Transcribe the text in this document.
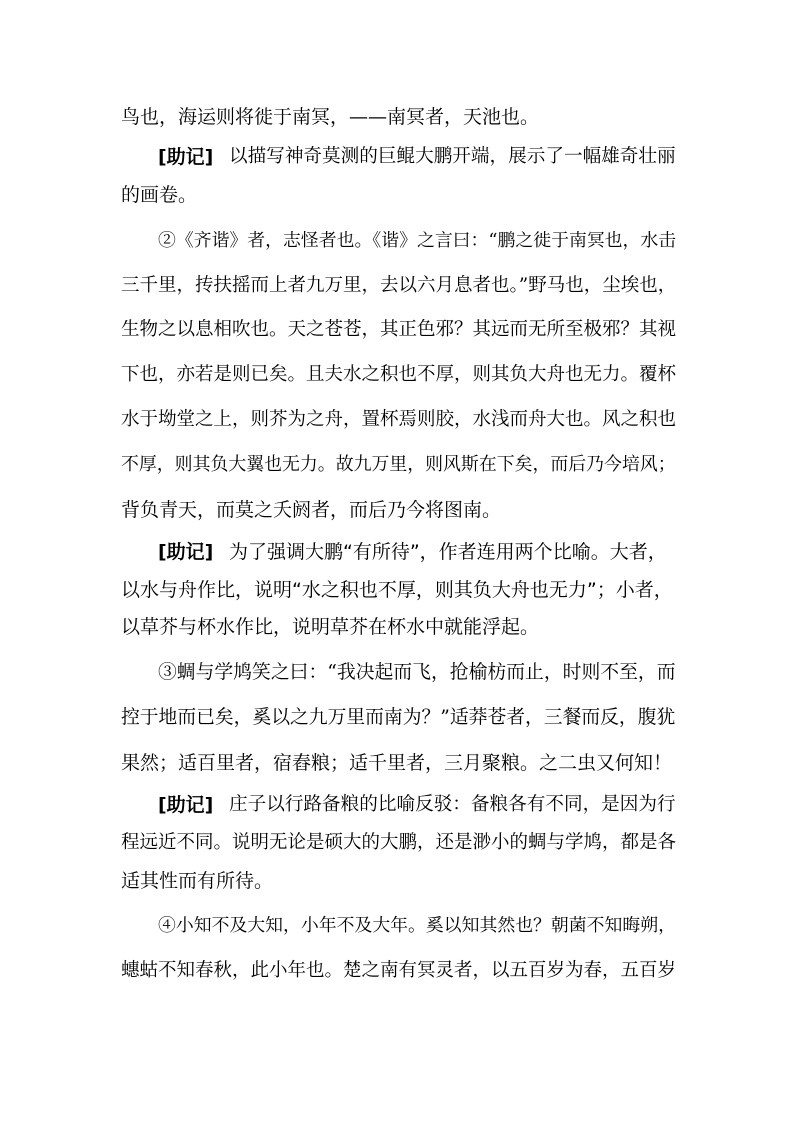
鸟也，海运则将徙于南冥，——南冥者，天池也。
[助记] 以描写神奇莫测的巨鲲大鹏开端，展示了一幅雄奇壮丽
的画卷。
②《齐谐》者，志怪者也。《谐》之言曰：“鹏之徙于南冥也，水击
三千里，抟扶摇而上者九万里，去以六月息者也。”野马也，尘埃也，
生物之以息相吹也。天之苍苍，其正色邪？其远而无所至极邪？其视
下也，亦若是则已矣。且夫水之积也不厚，则其负大舟也无力。覆杯
水于坳堂之上，则芥为之舟，置杯焉则胶，水浅而舟大也。风之积也
不厚，则其负大翼也无力。故九万里，则风斯在下矣，而后乃今培风；
背负青天，而莫之夭阏者，而后乃今将图南。
[助记] 为了强调大鹏“有所待”，作者连用两个比喻。大者，
以水与舟作比，说明“水之积也不厚，则其负大舟也无力”；小者，
以草芥与杯水作比，说明草芥在杯水中就能浮起。
③蜩与学鸠笑之曰：“我决起而飞，抢榆枋而止，时则不至，而
控于地而已矣，奚以之九万里而南为？”适莽苍者，三餐而反，腹犹
果然；适百里者，宿舂粮；适千里者，三月聚粮。之二虫又何知！
[助记] 庄子以行路备粮的比喻反驳：备粮各有不同，是因为行
程远近不同。说明无论是硕大的大鹏，还是渺小的蜩与学鸠，都是各
适其性而有所待。
④小知不及大知，小年不及大年。奚以知其然也？朝菌不知晦朔，
蟪蛄不知春秋，此小年也。楚之南有冥灵者，以五百岁为春，五百岁
